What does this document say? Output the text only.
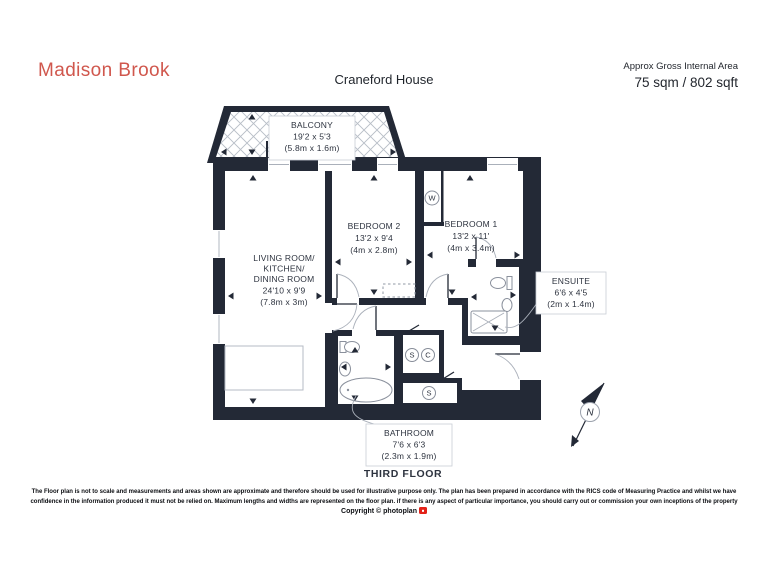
Madison Brook	Craneford House
Approx Gross Internal Area
75 sqm / 802 sqft
W
S C
S
BALCONY
19'2 x 5'3
(5.8m x 1.6m)
LIVING ROOM/
KITCHEN/
DINING ROOM
24'10 x 9'9
(7.8m x 3m)
BEDROOM 2
13'2 x 9'4
(4m x 2.8m)
BEDROOM 1
13'2 x 11'
(4m x 3.4m)
ENSUITE
6'6 x 4'5
(2m x 1.4m)
BATHROOM
7'6 x 6'3
(2.3m x 1.9m)
N
THIRD FLOOR
The Floor plan is not to scale and measurements and areas shown are approximate and therefore should be used for illustrative purpose only. The plan has been prepared in accordance with the RICS code of Measuring Practice and whilst we have
confidence in the information produced it must not be relied on. Maximum lengths and widths are represented on the floor plan. if there is any aspect of particular importance, you should carry out or commission your own inceptions of the property
Copyright © photoplan
